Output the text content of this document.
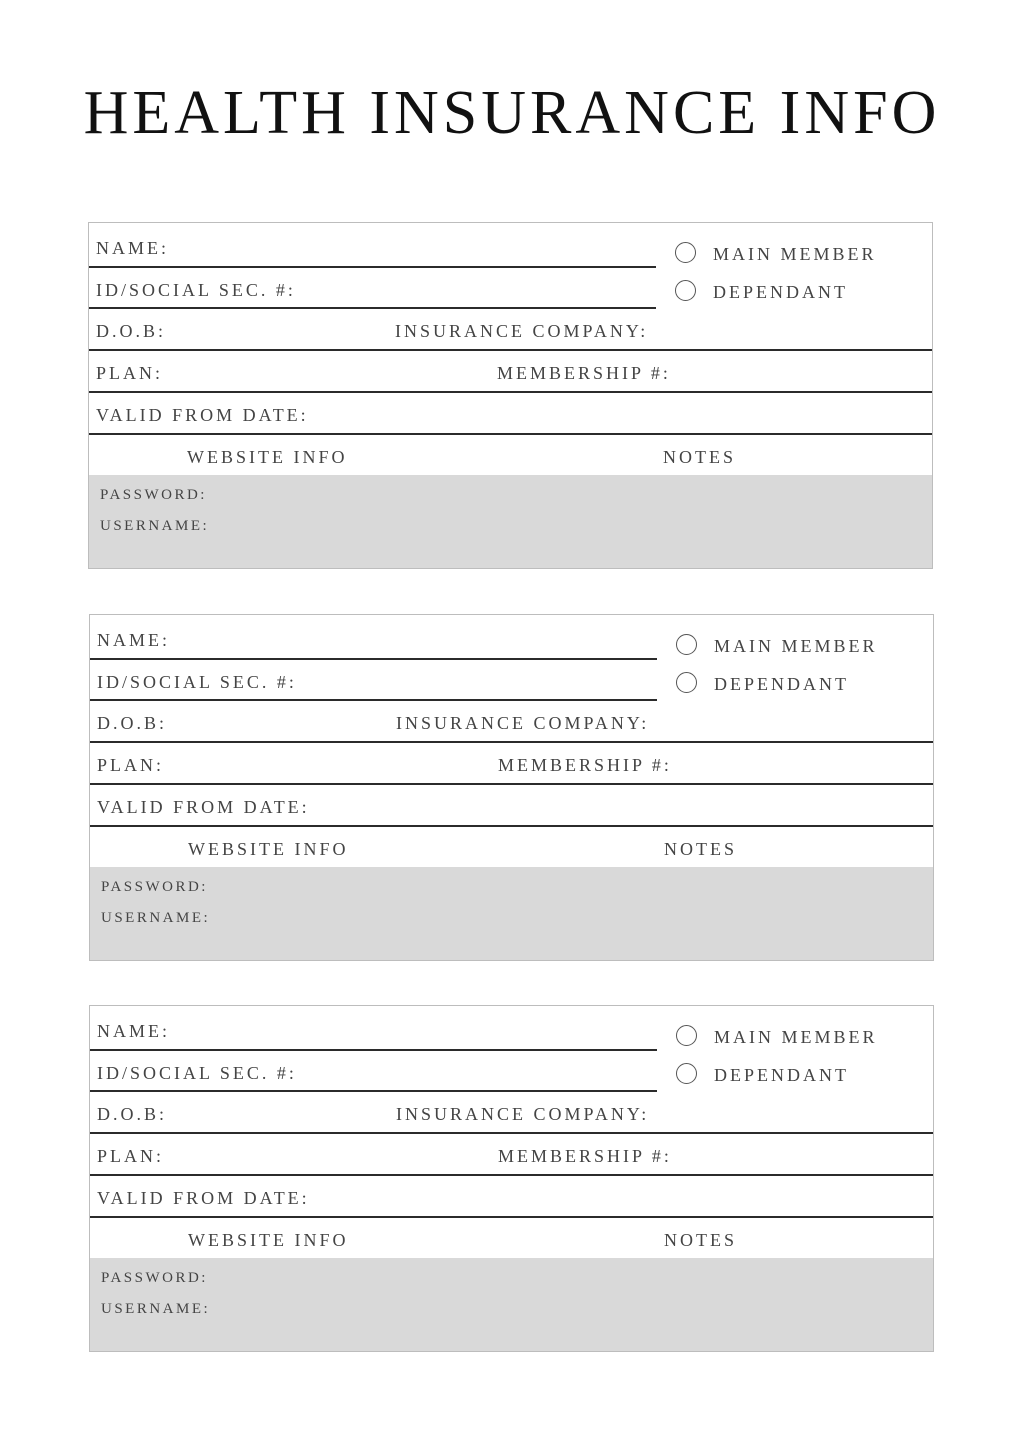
HEALTH INSURANCE INFO
NAME:
ID/SOCIAL SEC. #:
MAIN MEMBER
DEPENDANT
D.O.B:	INSURANCE COMPANY:
PLAN:	MEMBERSHIP #:
VALID FROM DATE:
WEBSITE INFO	NOTES
PASSWORD:
USERNAME:
NAME:
ID/SOCIAL SEC. #:
MAIN MEMBER
DEPENDANT
D.O.B:	INSURANCE COMPANY:
PLAN:	MEMBERSHIP #:
VALID FROM DATE:
WEBSITE INFO	NOTES
PASSWORD:
USERNAME:
NAME:
ID/SOCIAL SEC. #:
MAIN MEMBER
DEPENDANT
D.O.B:	INSURANCE COMPANY:
PLAN:	MEMBERSHIP #:
VALID FROM DATE:
WEBSITE INFO	NOTES
PASSWORD:
USERNAME:
